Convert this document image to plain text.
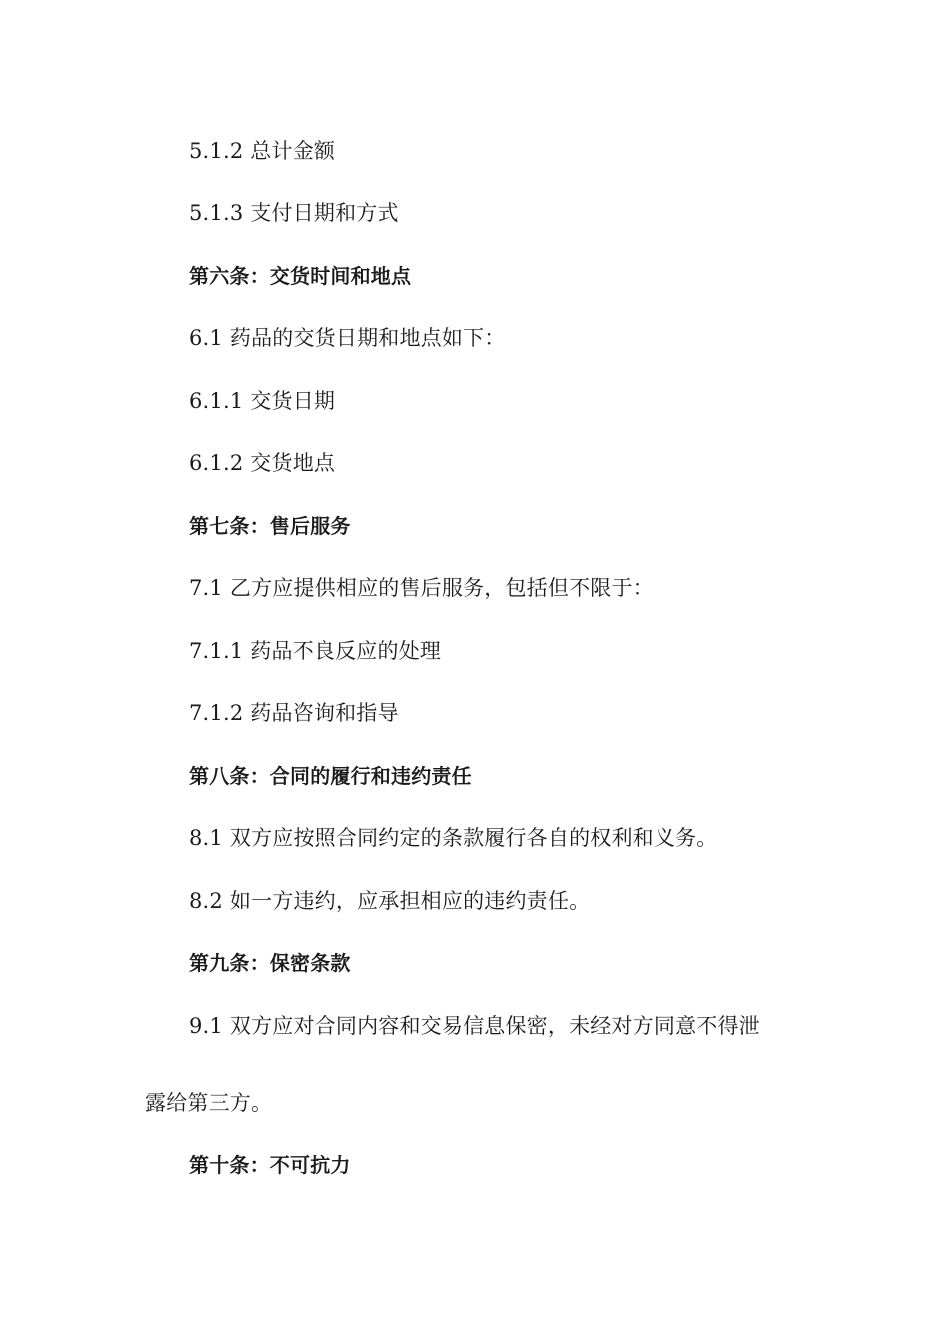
5.1.2 总计金额
5.1.3 支付日期和方式
第六条：交货时间和地点
6.1 药品的交货日期和地点如下：
6.1.1 交货日期
6.1.2 交货地点
第七条：售后服务
7.1 乙方应提供相应的售后服务，包括但不限于：
7.1.1 药品不良反应的处理
7.1.2 药品咨询和指导
第八条：合同的履行和违约责任
8.1 双方应按照合同约定的条款履行各自的权利和义务。
8.2 如一方违约，应承担相应的违约责任。
第九条：保密条款
9.1 双方应对合同内容和交易信息保密，未经对方同意不得泄
露给第三方。
第十条：不可抗力
